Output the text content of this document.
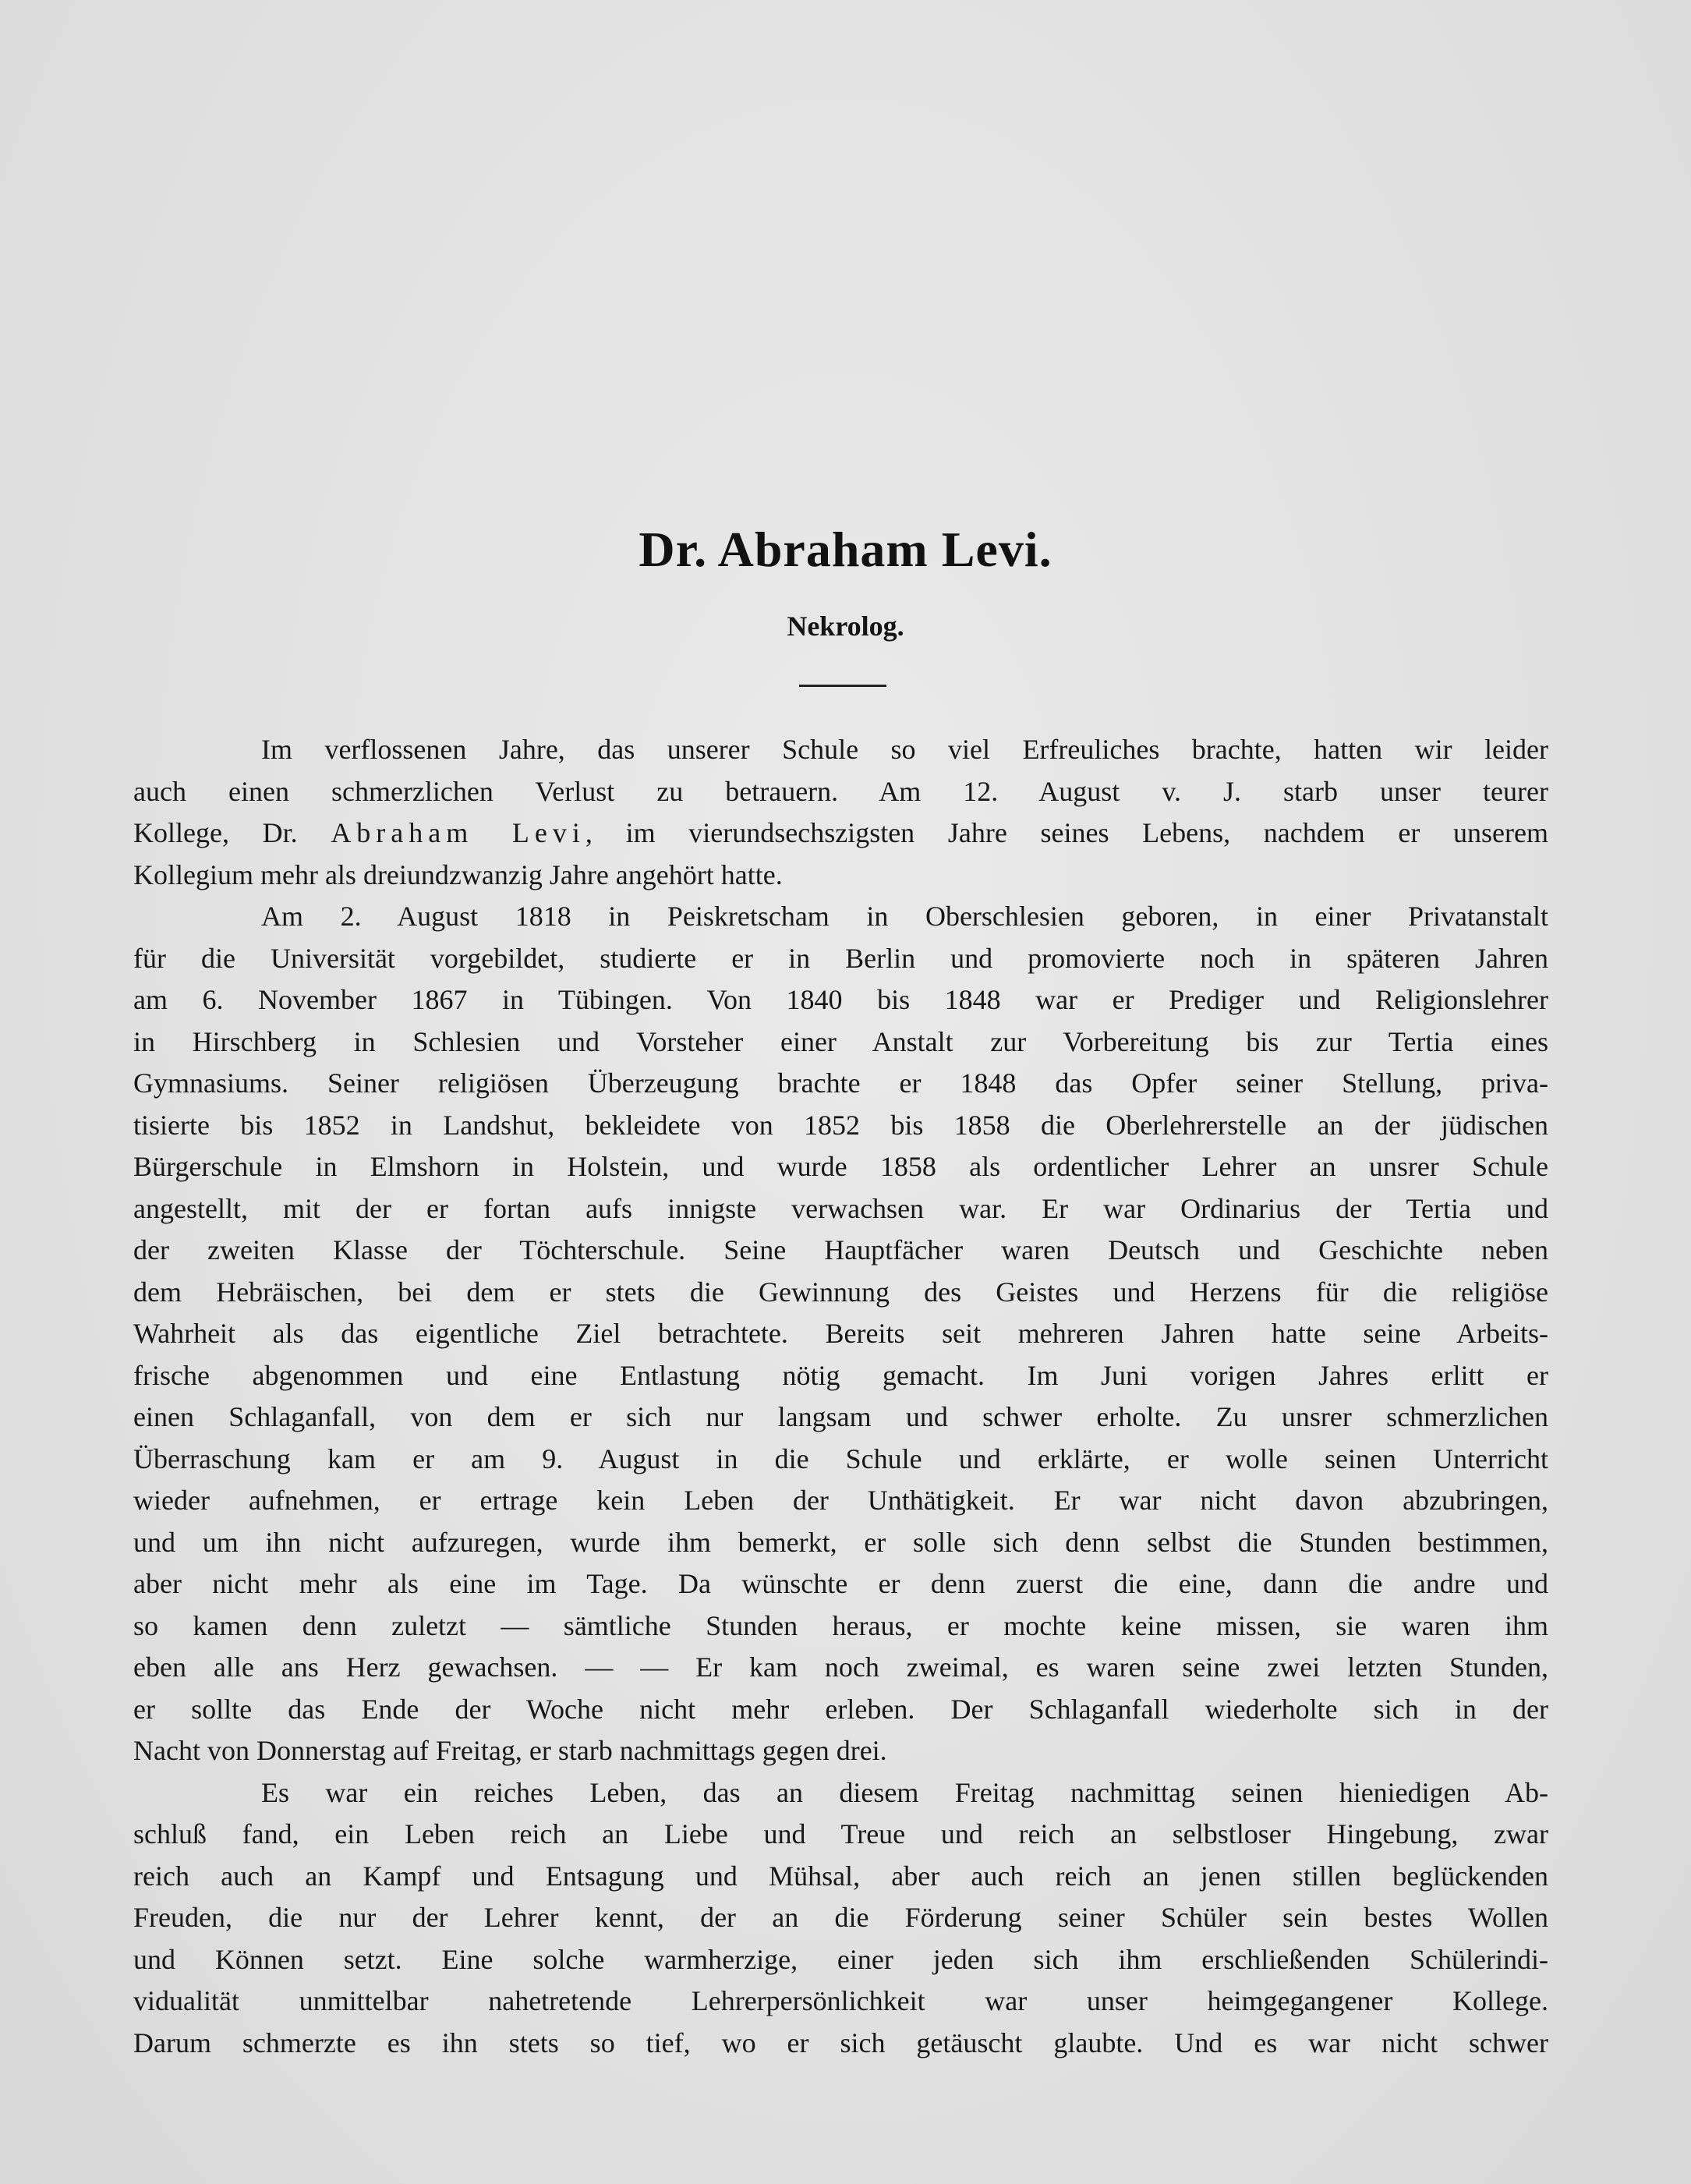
Dr. Abraham Levi.
Nekrolog.
Im verflossenen Jahre, das unserer Schule so viel Erfreuliches brachte, hatten wir leider
auch einen schmerzlichen Verlust zu betrauern. Am 12. August v. J. starb unser teurer
Kollege, Dr. Abraham Levi, im vierundsechszigsten Jahre seines Lebens, nachdem er unserem
Kollegium mehr als dreiundzwanzig Jahre angehört hatte.
Am 2. August 1818 in Peiskretscham in Oberschlesien geboren, in einer Privatanstalt
für die Universität vorgebildet, studierte er in Berlin und promovierte noch in späteren Jahren
am 6. November 1867 in Tübingen. Von 1840 bis 1848 war er Prediger und Religionslehrer
in Hirschberg in Schlesien und Vorsteher einer Anstalt zur Vorbereitung bis zur Tertia eines
Gymnasiums. Seiner religiösen Überzeugung brachte er 1848 das Opfer seiner Stellung, priva-
tisierte bis 1852 in Landshut, bekleidete von 1852 bis 1858 die Oberlehrerstelle an der jüdischen
Bürgerschule in Elmshorn in Holstein, und wurde 1858 als ordentlicher Lehrer an unsrer Schule
angestellt, mit der er fortan aufs innigste verwachsen war. Er war Ordinarius der Tertia und
der zweiten Klasse der Töchterschule. Seine Hauptfächer waren Deutsch und Geschichte neben
dem Hebräischen, bei dem er stets die Gewinnung des Geistes und Herzens für die religiöse
Wahrheit als das eigentliche Ziel betrachtete. Bereits seit mehreren Jahren hatte seine Arbeits-
frische abgenommen und eine Entlastung nötig gemacht. Im Juni vorigen Jahres erlitt er
einen Schlaganfall, von dem er sich nur langsam und schwer erholte. Zu unsrer schmerzlichen
Überraschung kam er am 9. August in die Schule und erklärte, er wolle seinen Unterricht
wieder aufnehmen, er ertrage kein Leben der Unthätigkeit. Er war nicht davon abzubringen,
und um ihn nicht aufzuregen, wurde ihm bemerkt, er solle sich denn selbst die Stunden bestimmen,
aber nicht mehr als eine im Tage. Da wünschte er denn zuerst die eine, dann die andre und
so kamen denn zuletzt — sämtliche Stunden heraus, er mochte keine missen, sie waren ihm
eben alle ans Herz gewachsen. — — Er kam noch zweimal, es waren seine zwei letzten Stunden,
er sollte das Ende der Woche nicht mehr erleben. Der Schlaganfall wiederholte sich in der
Nacht von Donnerstag auf Freitag, er starb nachmittags gegen drei.
Es war ein reiches Leben, das an diesem Freitag nachmittag seinen hieniedigen Ab-
schluß fand, ein Leben reich an Liebe und Treue und reich an selbstloser Hingebung, zwar
reich auch an Kampf und Entsagung und Mühsal, aber auch reich an jenen stillen beglückenden
Freuden, die nur der Lehrer kennt, der an die Förderung seiner Schüler sein bestes Wollen
und Können setzt. Eine solche warmherzige, einer jeden sich ihm erschließenden Schülerindi-
vidualität unmittelbar nahetretende Lehrerpersönlichkeit war unser heimgegangener Kollege.
Darum schmerzte es ihn stets so tief, wo er sich getäuscht glaubte. Und es war nicht schwer
